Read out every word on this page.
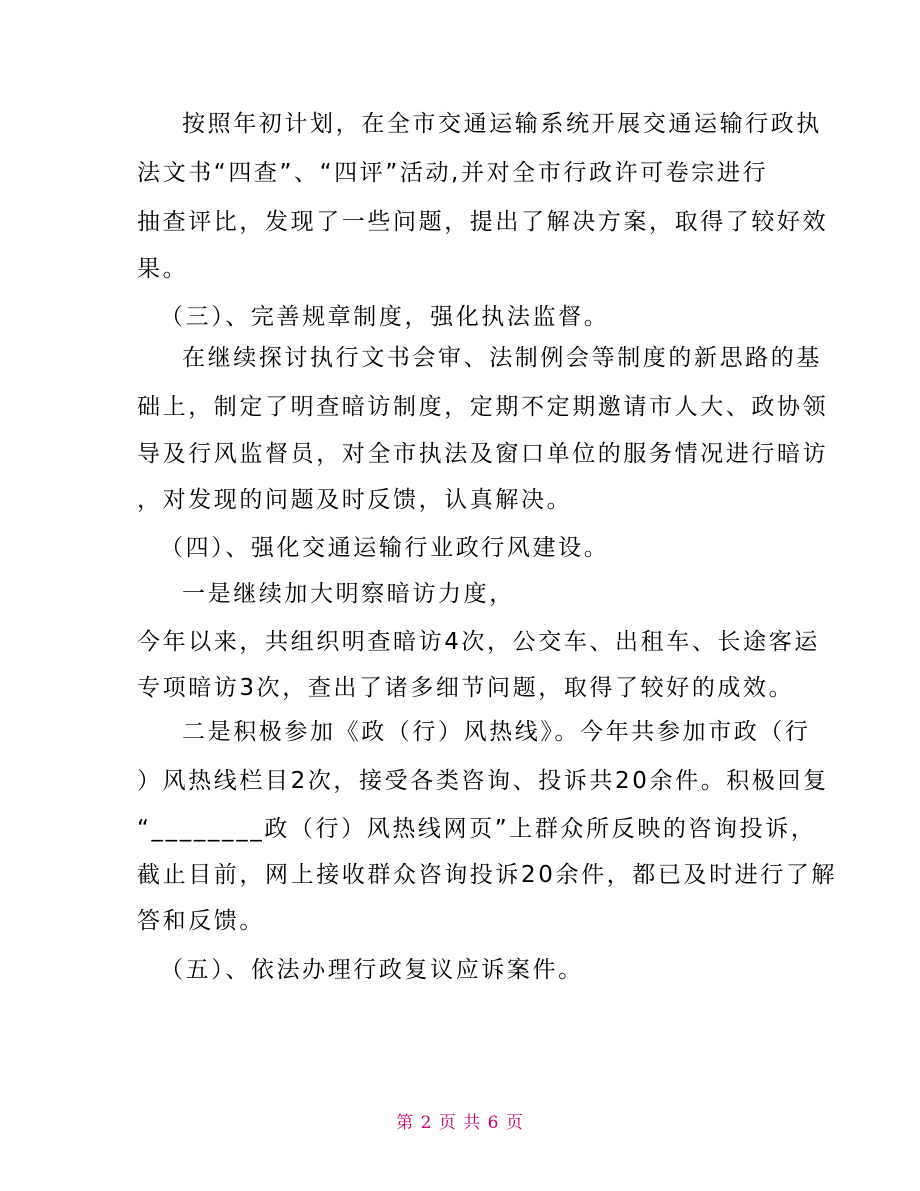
按照年初计划，在全市交通运输系统开展交通运输行政执
法文书“四查”、“四评”活动,并对全市行政许可卷宗进行
抽查评比，发现了一些问题，提出了解决方案，取得了较好效
果。
（三）、完善规章制度，强化执法监督。
在继续探讨执行文书会审、法制例会等制度的新思路的基
础上，制定了明查暗访制度，定期不定期邀请市人大、政协领
导及行风监督员，对全市执法及窗口单位的服务情况进行暗访
，对发现的问题及时反馈，认真解决。
（四）、强化交通运输行业政行风建设。
一是继续加大明察暗访力度，
今年以来，共组织明查暗访4次，公交车、出租车、长途客运
专项暗访3次，查出了诸多细节问题，取得了较好的成效。
二是积极参加《政（行）风热线》。今年共参加市政（行
）风热线栏目2次，接受各类咨询、投诉共20余件。积极回复
“________政（行）风热线网页”上群众所反映的咨询投诉，
截止目前，网上接收群众咨询投诉20余件，都已及时进行了解
答和反馈。
（五）、依法办理行政复议应诉案件。
第 2 页 共 6 页
